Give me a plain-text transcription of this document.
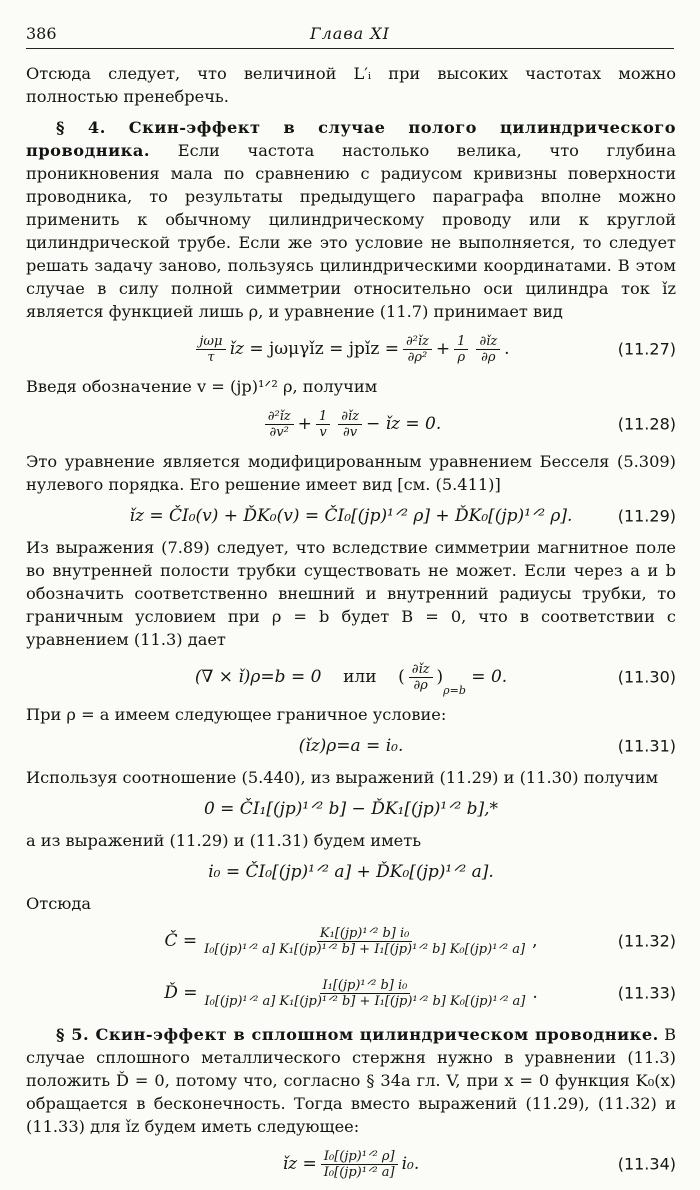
386	Глава XI

Отсюда следует, что величиной L′ᵢ при высоких частотах можно полностью пренебречь.

§ 4. Скин-эффект в случае полого цилиндрического проводника. Если частота настолько велика, что глубина проникновения мала по сравнению с радиусом кривизны поверхности проводника, то результаты предыдущего параграфа вполне можно применить к обычному цилиндрическому проводу или к круглой цилиндрической трубе. Если же это условие не выполняется, то следует решать задачу заново, пользуясь цилиндрическими координатами. В этом случае в силу полной симметрии относительно оси цилиндра ток ǐz является функцией лишь ρ, и уравнение (11.7) принимает вид

$\frac{\text{jωμ}}{\tau}$ ǐz
= jωμγǐz = jpǐz = $\frac{\text{∂²ǐz}}{\text{∂ρ²}} + \frac{1}{\rho} \frac{\partial ǐz}{\partial\rho}$ .	(11.27)

Введя обозначение v = (jp)¹ᐟ² ρ, получим

$\frac{\text{∂²ǐz}}{\text{∂v²}} + \frac{1}{v} \frac{\partial ǐz}{\partial v}$ − ǐz = 0.	(11.28)

Это уравнение является модифицированным уравнением Бесселя (5.309) нулевого порядка. Его решение имеет вид [см. (5.411)]

ǐz = ČI₀(v) + ĎK₀(v) = ČI₀[(jp)¹ᐟ² ρ] + ĎK₀[(jp)¹ᐟ² ρ].	(11.29)

Из выражения (7.89) следует, что вследствие симметрии магнитное поле во внутренней полости трубки существовать не может. Если через a и b обозначить соответственно внешний и внутренний радиусы трубки, то граничным условием при ρ = b будет B = 0, что в соответствии с уравнением (11.3) дает

(∇ × ǐ)ρ=b = 0
или ( $\frac{\partial ǐz}{\partial\rho}$ )
ρ=b

= 0.	(11.30)

При ρ = a имеем следующее граничное условие:

(ǐz)ρ=a = i₀.	(11.31)

Используя соотношение (5.440), из выражений (11.29) и (11.30) получим

0 = ČI₁[(jp)¹ᐟ² b] − ĎK₁[(jp)¹ᐟ² b],*

а из выражений (11.29) и (11.31) будем иметь

i₀ = ČI₀[(jp)¹ᐟ² a] + ĎK₀[(jp)¹ᐟ² a].

Отсюда

Č = $\frac{\text{K₁[(jp)¹ᐟ² b] i₀}}{\text{I₀[(jp)¹ᐟ² a] K₁[(jp)¹ᐟ² b] + I₁[(jp)¹ᐟ² b] K₀[(jp)¹ᐟ² a]}}$ ,	(11.32)
Ď = $\frac{\text{I₁[(jp)¹ᐟ² b] i₀}}{\text{I₀[(jp)¹ᐟ² a] K₁[(jp)¹ᐟ² b] + I₁[(jp)¹ᐟ² b] K₀[(jp)¹ᐟ² a]}}$ .	(11.33)

§ 5. Скин-эффект в сплошном цилиндрическом проводнике. В случае сплошного металлического стержня нужно в уравнении (11.3) положить Ď = 0, потому что, согласно § 34a гл. V, при x = 0 функция K₀(x) обращается в бесконечность. Тогда вместо выражений (11.29), (11.32) и (11.33) для ǐz будем иметь следующее:

ǐz = $\frac{\text{I₀[(jp)¹ᐟ² ρ]}}{\text{I₀[(jp)¹ᐟ² a]}} i_0$.	(11.34)
